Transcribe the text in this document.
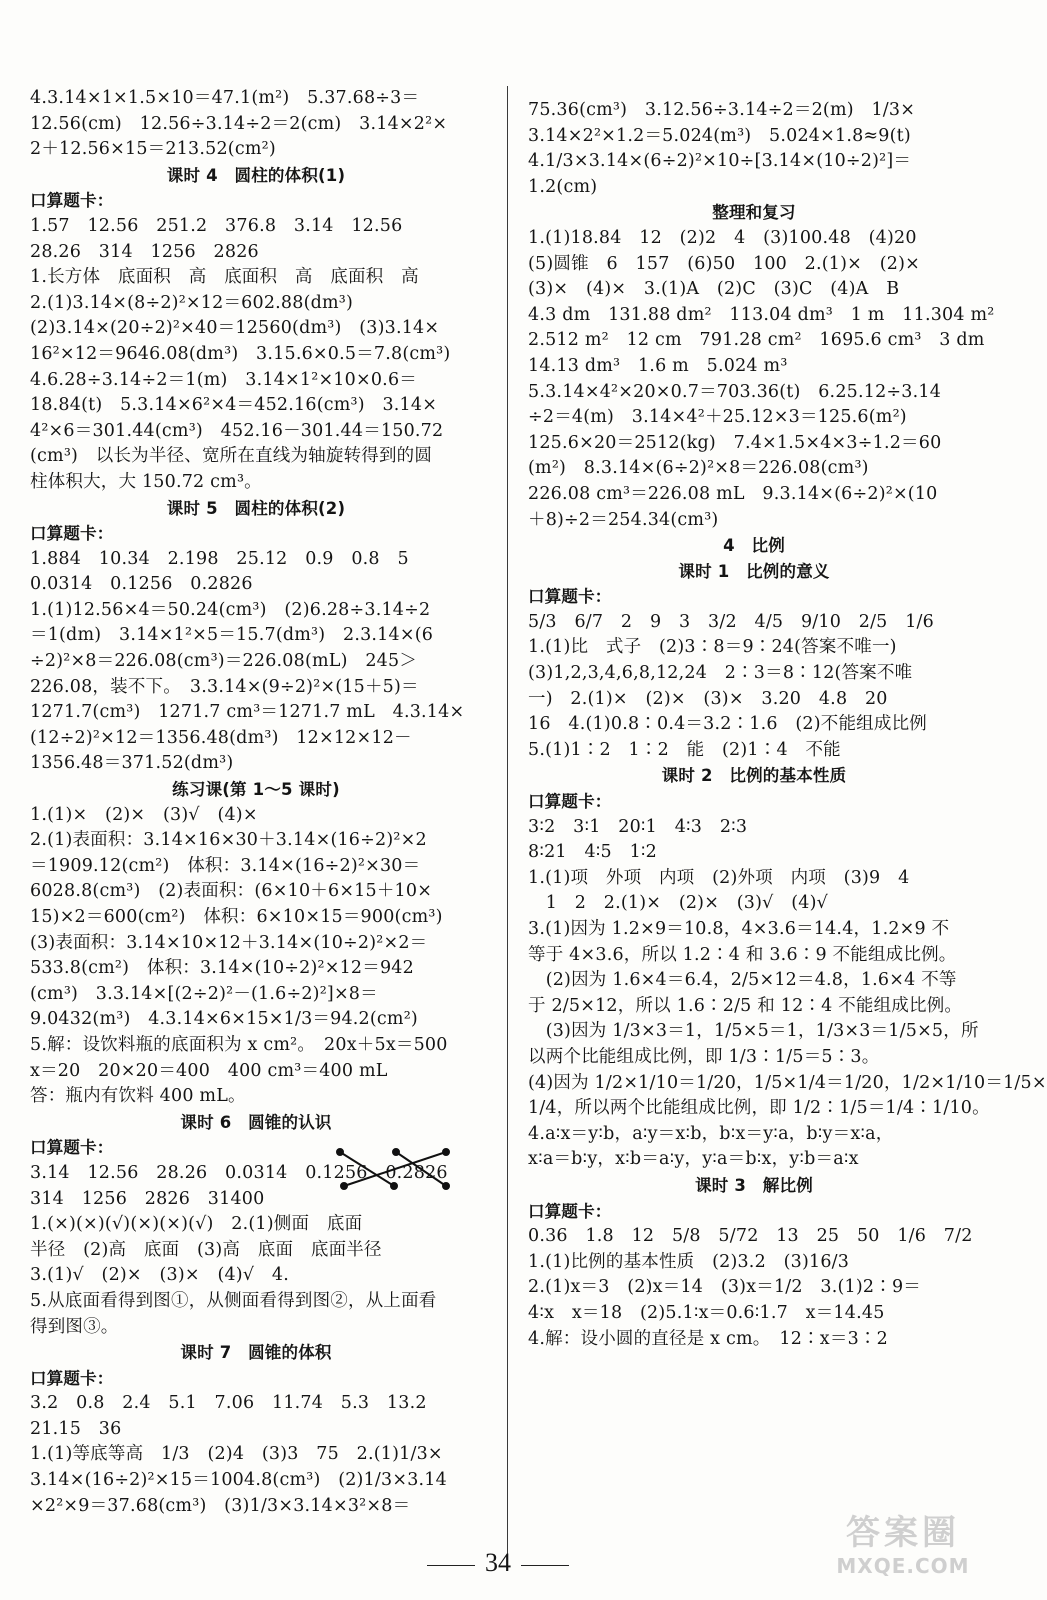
4.3.14×1×1.5×10＝47.1(m²)　5.37.68÷3＝
12.56(cm)　12.56÷3.14÷2＝2(cm)　3.14×2²×
2＋12.56×15＝213.52(cm²)
课时 4　圆柱的体积(1)
口算题卡：
1.57　12.56　251.2　376.8　3.14　12.56
28.26　314　1256　2826
1.长方体　底面积　高　底面积　高　底面积　高
2.(1)3.14×(8÷2)²×12＝602.88(dm³)
(2)3.14×(20÷2)²×40＝12560(dm³)　(3)3.14×
16²×12＝9646.08(dm³)　3.15.6×0.5＝7.8(cm³)
4.6.28÷3.14÷2＝1(m)　3.14×1²×10×0.6＝
18.84(t)　5.3.14×6²×4＝452.16(cm³)　3.14×
4²×6＝301.44(cm³)　452.16－301.44＝150.72
(cm³)　以长为半径、宽所在直线为轴旋转得到的圆
柱体积大，大 150.72 cm³。
课时 5　圆柱的体积(2)
口算题卡：
1.884　10.34　2.198　25.12　0.9　0.8　5
0.0314　0.1256　0.2826
1.(1)12.56×4＝50.24(cm³)　(2)6.28÷3.14÷2
＝1(dm)　3.14×1²×5＝15.7(dm³)　2.3.14×(6
÷2)²×8＝226.08(cm³)＝226.08(mL)　245＞
226.08，装不下。　3.3.14×(9÷2)²×(15＋5)＝
1271.7(cm³)　1271.7 cm³＝1271.7 mL　4.3.14×
(12÷2)²×12＝1356.48(dm³)　12×12×12－
1356.48＝371.52(dm³)
练习课(第 1～5 课时)
1.(1)×　(2)×　(3)√　(4)×
2.(1)表面积：3.14×16×30＋3.14×(16÷2)²×2
＝1909.12(cm²)　体积：3.14×(16÷2)²×30＝
6028.8(cm³)　(2)表面积：(6×10＋6×15＋10×
15)×2＝600(cm²)　体积：6×10×15＝900(cm³)
(3)表面积：3.14×10×12＋3.14×(10÷2)²×2＝
533.8(cm²)　体积：3.14×(10÷2)²×12＝942
(cm³)　3.3.14×[(2÷2)²－(1.6÷2)²]×8＝
9.0432(m³)　4.3.14×6×15×1/3＝94.2(cm²)
5.解：设饮料瓶的底面积为 x cm²。　20x＋5x＝500
x＝20　20×20＝400　400 cm³＝400 mL
答：瓶内有饮料 400 mL。
课时 6　圆锥的认识
口算题卡：
3.14　12.56　28.26　0.0314　0.1256　0.2826
314　1256　2826　31400
1.(×)(×)(√)(×)(×)(√)　2.(1)侧面　底面
半径　(2)高　底面　(3)高　底面　底面半径
3.(1)√　(2)×　(3)×　(4)√　4.
5.从底面看得到图①，从侧面看得到图②，从上面看
得到图③。
课时 7　圆锥的体积
口算题卡：
3.2　0.8　2.4　5.1　7.06　11.74　5.3　13.2
21.15　36
1.(1)等底等高　1/3　(2)4　(3)3　75　2.(1)1/3×
3.14×(16÷2)²×15＝1004.8(cm³)　(2)1/3×3.14
×2²×9＝37.68(cm³)　(3)1/3×3.14×3²×8＝
75.36(cm³)　3.12.56÷3.14÷2＝2(m)　1/3×
3.14×2²×1.2＝5.024(m³)　5.024×1.8≈9(t)
4.1/3×3.14×(6÷2)²×10÷[3.14×(10÷2)²]＝
1.2(cm)
整理和复习
1.(1)18.84　12　(2)2　4　(3)100.48　(4)20
(5)圆锥　6　157　(6)50　100　2.(1)×　(2)×
(3)×　(4)×　3.(1)A　(2)C　(3)C　(4)A　B
4.3 dm　131.88 dm²　113.04 dm³　1 m　11.304 m²
2.512 m²　12 cm　791.28 cm²　1695.6 cm³　3 dm
14.13 dm³　1.6 m　5.024 m³
5.3.14×4²×20×0.7＝703.36(t)　6.25.12÷3.14
÷2＝4(m)　3.14×4²＋25.12×3＝125.6(m²)
125.6×20＝2512(kg)　7.4×1.5×4×3÷1.2＝60
(m²)　8.3.14×(6÷2)²×8＝226.08(cm³)
226.08 cm³＝226.08 mL　9.3.14×(6÷2)²×(10
＋8)÷2＝254.34(cm³)
4　比例
课时 1　比例的意义
口算题卡：
5/3　6/7　2　9　3　3/2　4/5　9/10　2/5　1/6
1.(1)比　式子　(2)3∶8＝9∶24(答案不唯一)
(3)1,2,3,4,6,8,12,24　2∶3＝8∶12(答案不唯
一)　2.(1)×　(2)×　(3)×　3.20　4.8　20
16　4.(1)0.8∶0.4＝3.2∶1.6　(2)不能组成比例
5.(1)1∶2　1∶2　能　(2)1∶4　不能
课时 2　比例的基本性质
口算题卡：
3∶2　3∶1　20∶1　4∶3　2∶3
8∶21　4∶5　1∶2
1.(1)项　外项　内项　(2)外项　内项　(3)9　4
　1　2　2.(1)×　(2)×　(3)√　(4)√
3.(1)因为 1.2×9＝10.8，4×3.6＝14.4，1.2×9 不
等于 4×3.6，所以 1.2∶4 和 3.6∶9 不能组成比例。
　(2)因为 1.6×4＝6.4，2/5×12＝4.8，1.6×4 不等
于 2/5×12，所以 1.6∶2/5 和 12∶4 不能组成比例。
　(3)因为 1/3×3＝1，1/5×5＝1，1/3×3＝1/5×5，所
以两个比能组成比例，即 1/3∶1/5＝5∶3。
(4)因为 1/2×1/10＝1/20，1/5×1/4＝1/20，1/2×1/10＝1/5×
1/4，所以两个比能组成比例，即 1/2∶1/5＝1/4∶1/10。
4.a∶x＝y∶b，a∶y＝x∶b，b∶x＝y∶a，b∶y＝x∶a，
x∶a＝b∶y，x∶b＝a∶y，y∶a＝b∶x，y∶b＝a∶x
课时 3　解比例
口算题卡：
0.36　1.8　12　5/8　5/72　13　25　50　1/6　7/2
1.(1)比例的基本性质　(2)3.2　(3)16/3
2.(1)x＝3　(2)x＝14　(3)x＝1/2　3.(1)2∶9＝
4∶x　x＝18　(2)5.1∶x＝0.6∶1.7　x＝14.45
4.解：设小圆的直径是 x cm。　12∶x＝3∶2
34
答案圈
MXQE.COM
